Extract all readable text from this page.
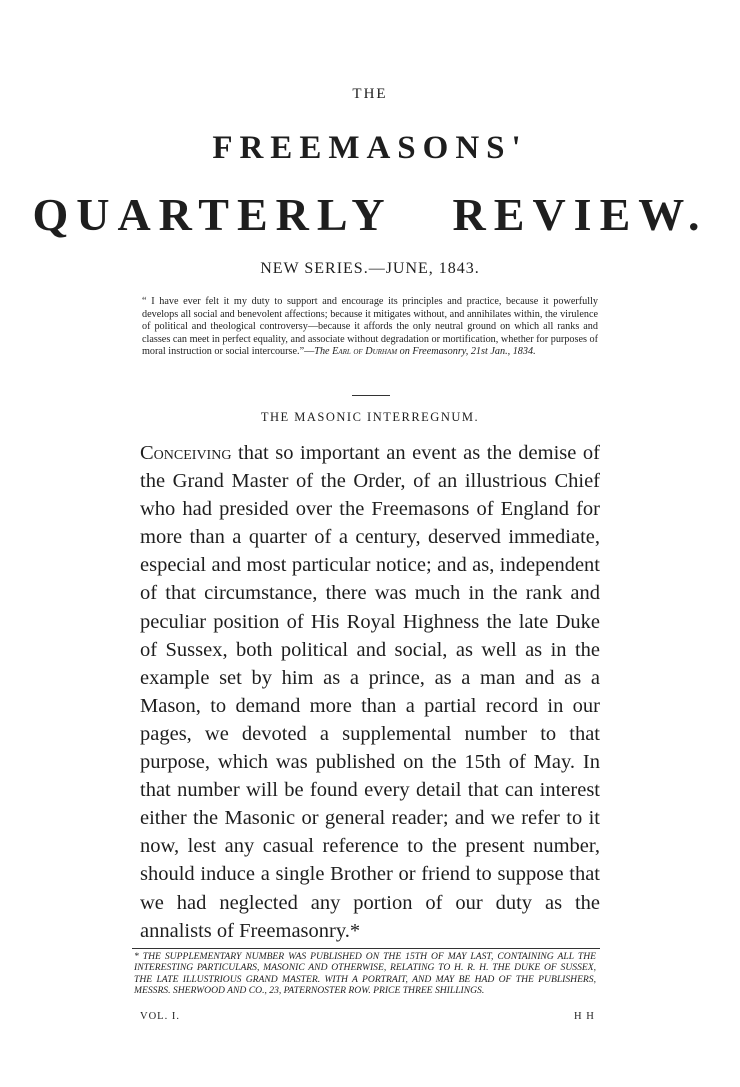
THE
FREEMASONS'
QUARTERLY REVIEW.
NEW SERIES.—JUNE, 1843.
“ I have ever felt it my duty to support and encourage its principles and practice, because it powerfully develops all social and benevolent affections; because it mitigates without, and annihilates within, the virulence of political and theological controversy—because it affords the only neutral ground on which all ranks and classes can meet in perfect equality, and associate without degradation or mortification, whether for purposes of moral instruction or social intercourse.”—The Earl of Durham on Freemasonry, 21st Jan., 1834.
THE MASONIC INTERREGNUM.
Conceiving that so important an event as the demise of the Grand Master of the Order, of an illustrious Chief who had presided over the Freemasons of England for more than a quarter of a century, deserved immediate, especial and most particular notice; and as, independent of that circumstance, there was much in the rank and peculiar position of His Royal Highness the late Duke of Sussex, both political and social, as well as in the example set by him as a prince, as a man and as a Mason, to demand more than a partial record in our pages, we devoted a supplemental number to that purpose, which was published on the 15th of May. In that number will be found every detail that can interest either the Masonic or general reader; and we refer to it now, lest any casual reference to the present number, should induce a single Brother or friend to suppose that we had neglected any portion of our duty as the annalists of Freemasonry.*
* THE SUPPLEMENTARY NUMBER WAS PUBLISHED ON THE 15TH OF MAY LAST, CONTAINING ALL THE INTERESTING PARTICULARS, MASONIC AND OTHERWISE, RELATING TO H. R. H. THE DUKE OF SUSSEX, THE LATE ILLUSTRIOUS GRAND MASTER. WITH A PORTRAIT, AND MAY BE HAD OF THE PUBLISHERS, MESSRS. SHERWOOD AND CO., 23, PATERNOSTER ROW. PRICE THREE SHILLINGS.
VOL. I.	H H
